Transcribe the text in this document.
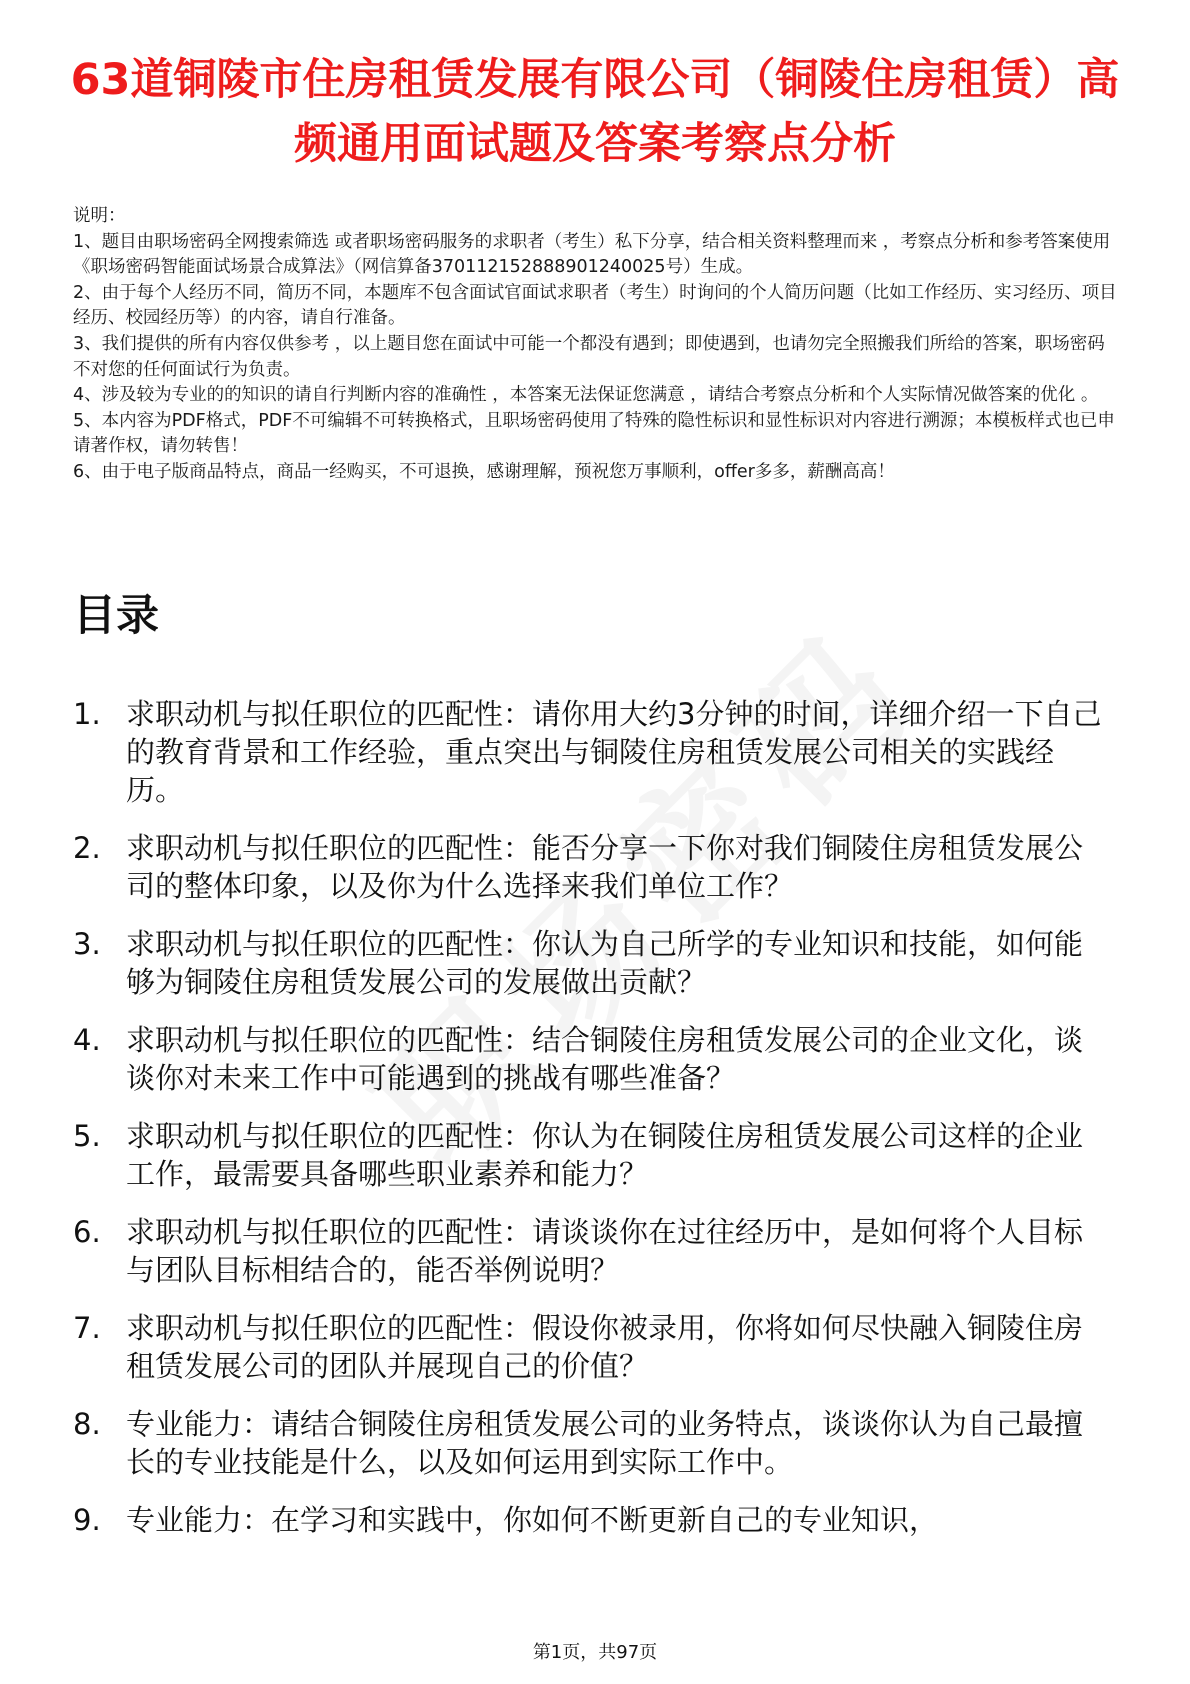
63道铜陵市住房租赁发展有限公司（铜陵住房租赁）高频通用面试题及答案考察点分析

说明：

1、题目由职场密码全网搜索筛选 或者职场密码服务的求职者（考生）私下分享，结合相关资料整理而来 ，考察点分析和参考答案使用《职场密码智能面试场景合成算法》（网信算备370112152888901240025号）生成。

2、由于每个人经历不同，简历不同，本题库不包含面试官面试求职者（考生）时询问的个人简历问题（比如工作经历、实习经历、项目经历、校园经历等）的内容，请自行准备。

3、我们提供的所有内容仅供参考 ，以上题目您在面试中可能一个都没有遇到；即使遇到，也请勿完全照搬我们所给的答案，职场密码不对您的任何面试行为负责。

4、涉及较为专业的的知识的请自行判断内容的准确性 ，本答案无法保证您满意 ，请结合考察点分析和个人实际情况做答案的优化 。

5、本内容为PDF格式，PDF不可编辑不可转换格式，且职场密码使用了特殊的隐性标识和显性标识对内容进行溯源；本模板样式也已申请著作权，请勿转售！

6、由于电子版商品特点，商品一经购买，不可退换，感谢理解，预祝您万事顺利，offer多多，薪酬高高！

目录
1. 求职动机与拟任职位的匹配性：请你用大约3分钟的时间，详细介绍一下自己的教育背景和工作经验，重点突出与铜陵住房租赁发展公司相关的实践经历。
2. 求职动机与拟任职位的匹配性：能否分享一下你对我们铜陵住房租赁发展公司的整体印象，以及你为什么选择来我们单位工作？
3. 求职动机与拟任职位的匹配性：你认为自己所学的专业知识和技能，如何能够为铜陵住房租赁发展公司的发展做出贡献？
4. 求职动机与拟任职位的匹配性：结合铜陵住房租赁发展公司的企业文化，谈谈你对未来工作中可能遇到的挑战有哪些准备？
5. 求职动机与拟任职位的匹配性：你认为在铜陵住房租赁发展公司这样的企业工作，最需要具备哪些职业素养和能力？
6. 求职动机与拟任职位的匹配性：请谈谈你在过往经历中，是如何将个人目标与团队目标相结合的，能否举例说明？
7. 求职动机与拟任职位的匹配性：假设你被录用，你将如何尽快融入铜陵住房租赁发展公司的团队并展现自己的价值？
8. 专业能力：请结合铜陵住房租赁发展公司的业务特点，谈谈你认为自己最擅长的专业技能是什么，以及如何运用到实际工作中。
9. 专业能力：在学习和实践中，你如何不断更新自己的专业知识，
第1页，共97页
